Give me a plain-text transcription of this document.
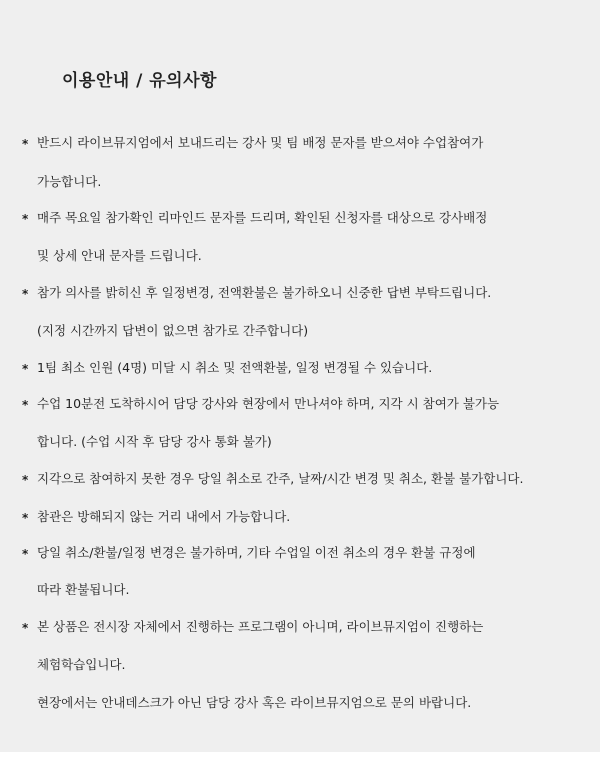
이용안내 / 유의사항
* 반드시 라이브뮤지엄에서 보내드리는 강사 및 팀 배정 문자를 받으셔야 수업참여가
가능합니다.
* 매주 목요일 참가확인 리마인드 문자를 드리며, 확인된 신청자를 대상으로 강사배정
및 상세 안내 문자를 드립니다.
* 참가 의사를 밝히신 후 일정변경, 전액환불은 불가하오니 신중한 답변 부탁드립니다.
(지정 시간까지 답변이 없으면 참가로 간주합니다)
* 1팀 최소 인원 (4명) 미달 시 취소 및 전액환불, 일정 변경될 수 있습니다.
* 수업 10분전 도착하시어 담당 강사와 현장에서 만나셔야 하며, 지각 시 참여가 불가능
합니다. (수업 시작 후 담당 강사 통화 불가)
* 지각으로 참여하지 못한 경우 당일 취소로 간주, 날짜/시간 변경 및 취소, 환불 불가합니다.
* 참관은 방해되지 않는 거리 내에서 가능합니다.
* 당일 취소/환불/일정 변경은 불가하며, 기타 수업일 이전 취소의 경우 환불 규정에
따라 환불됩니다.
* 본 상품은 전시장 자체에서 진행하는 프로그램이 아니며, 라이브뮤지엄이 진행하는
체험학습입니다.
현장에서는 안내데스크가 아닌 담당 강사 혹은 라이브뮤지엄으로 문의 바랍니다.
